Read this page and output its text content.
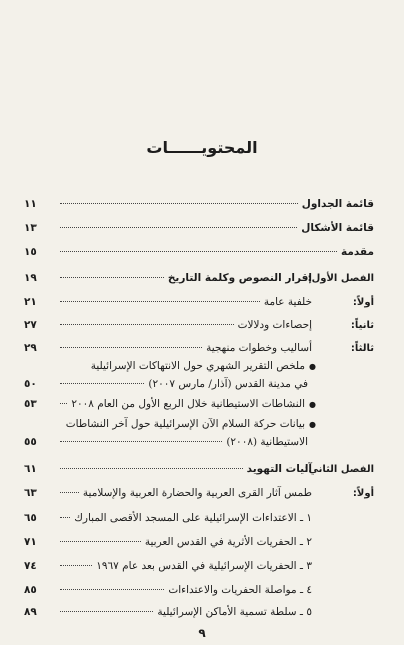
المحتويــــــات
قائمة الجداول
١١
قائمة الأشكال
١٣
مقدمة
١٥
الفصل الأول:
إقرار النصوص وكلمة التاريخ
١٩
أولاً:
خلفية عامة
٢١
ثانياً:
إحصاءات ودلالات
٢٧
ثالثاً:
أساليب وخطوات منهجية
٢٩
●
ملخص التقرير الشهري حول الانتهاكات الإسرائيلية
في مدينة القدس (آذار/ مارس ٢٠٠٧)
٥٠
●
النشاطات الاستيطانية خلال الربع الأول من العام ٢٠٠٨
٥٣
●
بيانات حركة السلام الآن الإسرائيلية حول آخر النشاطات
الاستيطانية (٢٠٠٨)
٥٥
الفصل الثاني:
آليات التهويد
٦١
أولاً:
طمس آثار القرى العربية والحضارة العربية والإسلامية
٦٣
١ ـ الاعتداءات الإسرائيلية على المسجد الأقصى المبارك
٦٥
٢ ـ الحفريات الأثرية في القدس العربية
٧١
٣ ـ الحفريات الإسرائيلية في القدس بعد عام ١٩٦٧
٧٤
٤ ـ مواصلة الحفريات والاعتداءات
٨٥
٥ ـ سلطة تسمية الأماكن الإسرائيلية
٨٩
٩
